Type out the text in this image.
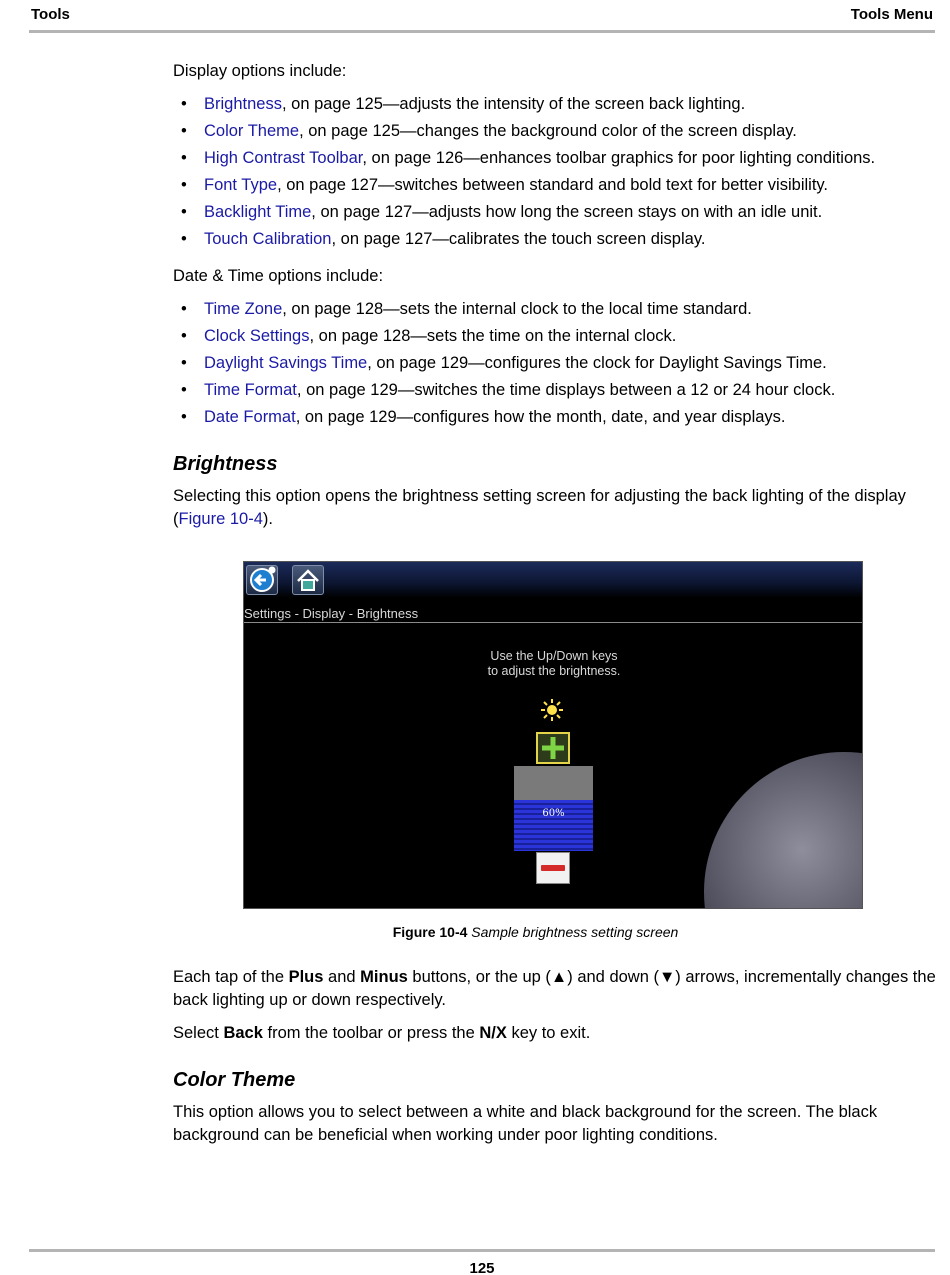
Tools	Tools Menu

Display options include:

• Brightness, on page 125—adjusts the intensity of the screen back lighting.
• Color Theme, on page 125—changes the background color of the screen display.
• High Contrast Toolbar, on page 126—enhances toolbar graphics for poor lighting conditions.
• Font Type, on page 127—switches between standard and bold text for better visibility.
• Backlight Time, on page 127—adjusts how long the screen stays on with an idle unit.
• Touch Calibration, on page 127—calibrates the touch screen display.

Date & Time options include:

• Time Zone, on page 128—sets the internal clock to the local time standard.
• Clock Settings, on page 128—sets the time on the internal clock.
• Daylight Savings Time, on page 129—configures the clock for Daylight Savings Time.
• Time Format, on page 129—switches the time displays between a 12 or 24 hour clock.
• Date Format, on page 129—configures how the month, date, and year displays.
Brightness

Selecting this option opens the brightness setting screen for adjusting the back lighting of the display (Figure 10-4).

Settings - Display - Brightness
Use the Up/Down keys
to adjust the brightness.
60%
Figure 10-4 Sample brightness setting screen

Each tap of the Plus and Minus buttons, or the up (▲) and down (▼) arrows, incrementally changes the back lighting up or down respectively.

Select Back from the toolbar or press the N/X key to exit.

Color Theme

This option allows you to select between a white and black background for the screen. The black background can be beneficial when working under poor lighting conditions.

125
